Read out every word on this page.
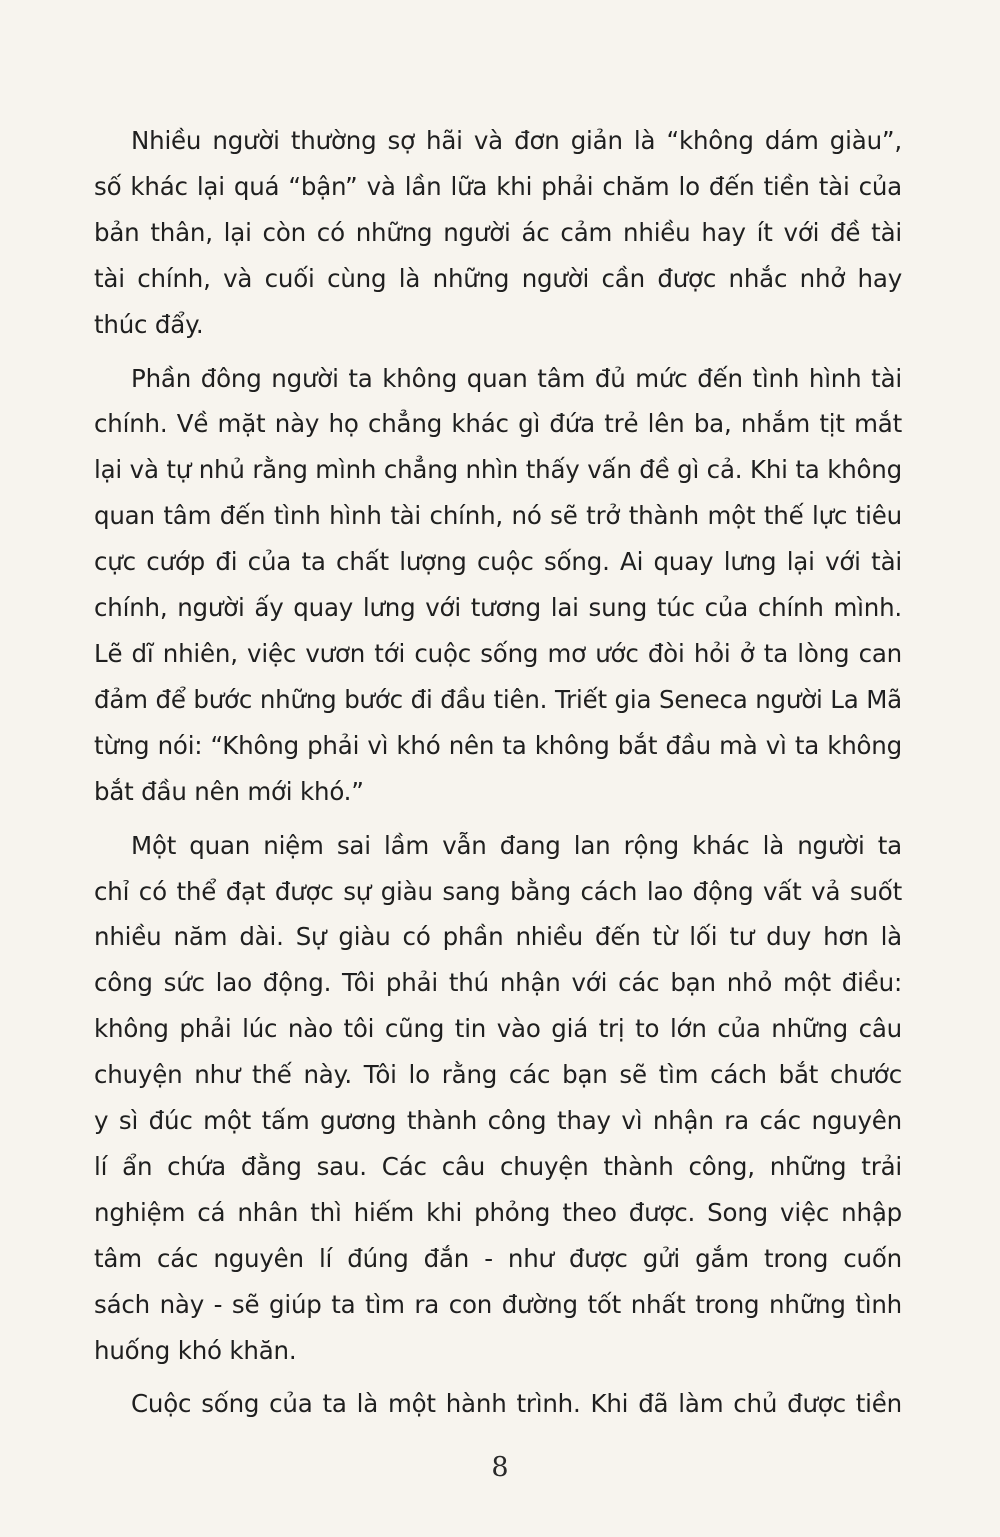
Nhiều người thường sợ hãi và đơn giản là “không dám giàu”,
số khác lại quá “bận” và lần lữa khi phải chăm lo đến tiền tài của
bản thân, lại còn có những người ác cảm nhiều hay ít với đề tài
tài chính, và cuối cùng là những người cần được nhắc nhở hay
thúc đẩy.
Phần đông người ta không quan tâm đủ mức đến tình hình tài
chính. Về mặt này họ chẳng khác gì đứa trẻ lên ba, nhắm tịt mắt
lại và tự nhủ rằng mình chẳng nhìn thấy vấn đề gì cả. Khi ta không
quan tâm đến tình hình tài chính, nó sẽ trở thành một thế lực tiêu
cực cướp đi của ta chất lượng cuộc sống. Ai quay lưng lại với tài
chính, người ấy quay lưng với tương lai sung túc của chính mình.
Lẽ dĩ nhiên, việc vươn tới cuộc sống mơ ước đòi hỏi ở ta lòng can
đảm để bước những bước đi đầu tiên. Triết gia Seneca người La Mã
từng nói: “Không phải vì khó nên ta không bắt đầu mà vì ta không
bắt đầu nên mới khó.”
Một quan niệm sai lầm vẫn đang lan rộng khác là người ta
chỉ có thể đạt được sự giàu sang bằng cách lao động vất vả suốt
nhiều năm dài. Sự giàu có phần nhiều đến từ lối tư duy hơn là
công sức lao động. Tôi phải thú nhận với các bạn nhỏ một điều:
không phải lúc nào tôi cũng tin vào giá trị to lớn của những câu
chuyện như thế này. Tôi lo rằng các bạn sẽ tìm cách bắt chước
y sì đúc một tấm gương thành công thay vì nhận ra các nguyên
lí ẩn chứa đằng sau. Các câu chuyện thành công, những trải
nghiệm cá nhân thì hiếm khi phỏng theo được. Song việc nhập
tâm các nguyên lí đúng đắn - như được gửi gắm trong cuốn
sách này - sẽ giúp ta tìm ra con đường tốt nhất trong những tình
huống khó khăn.
Cuộc sống của ta là một hành trình. Khi đã làm chủ được tiền
8
